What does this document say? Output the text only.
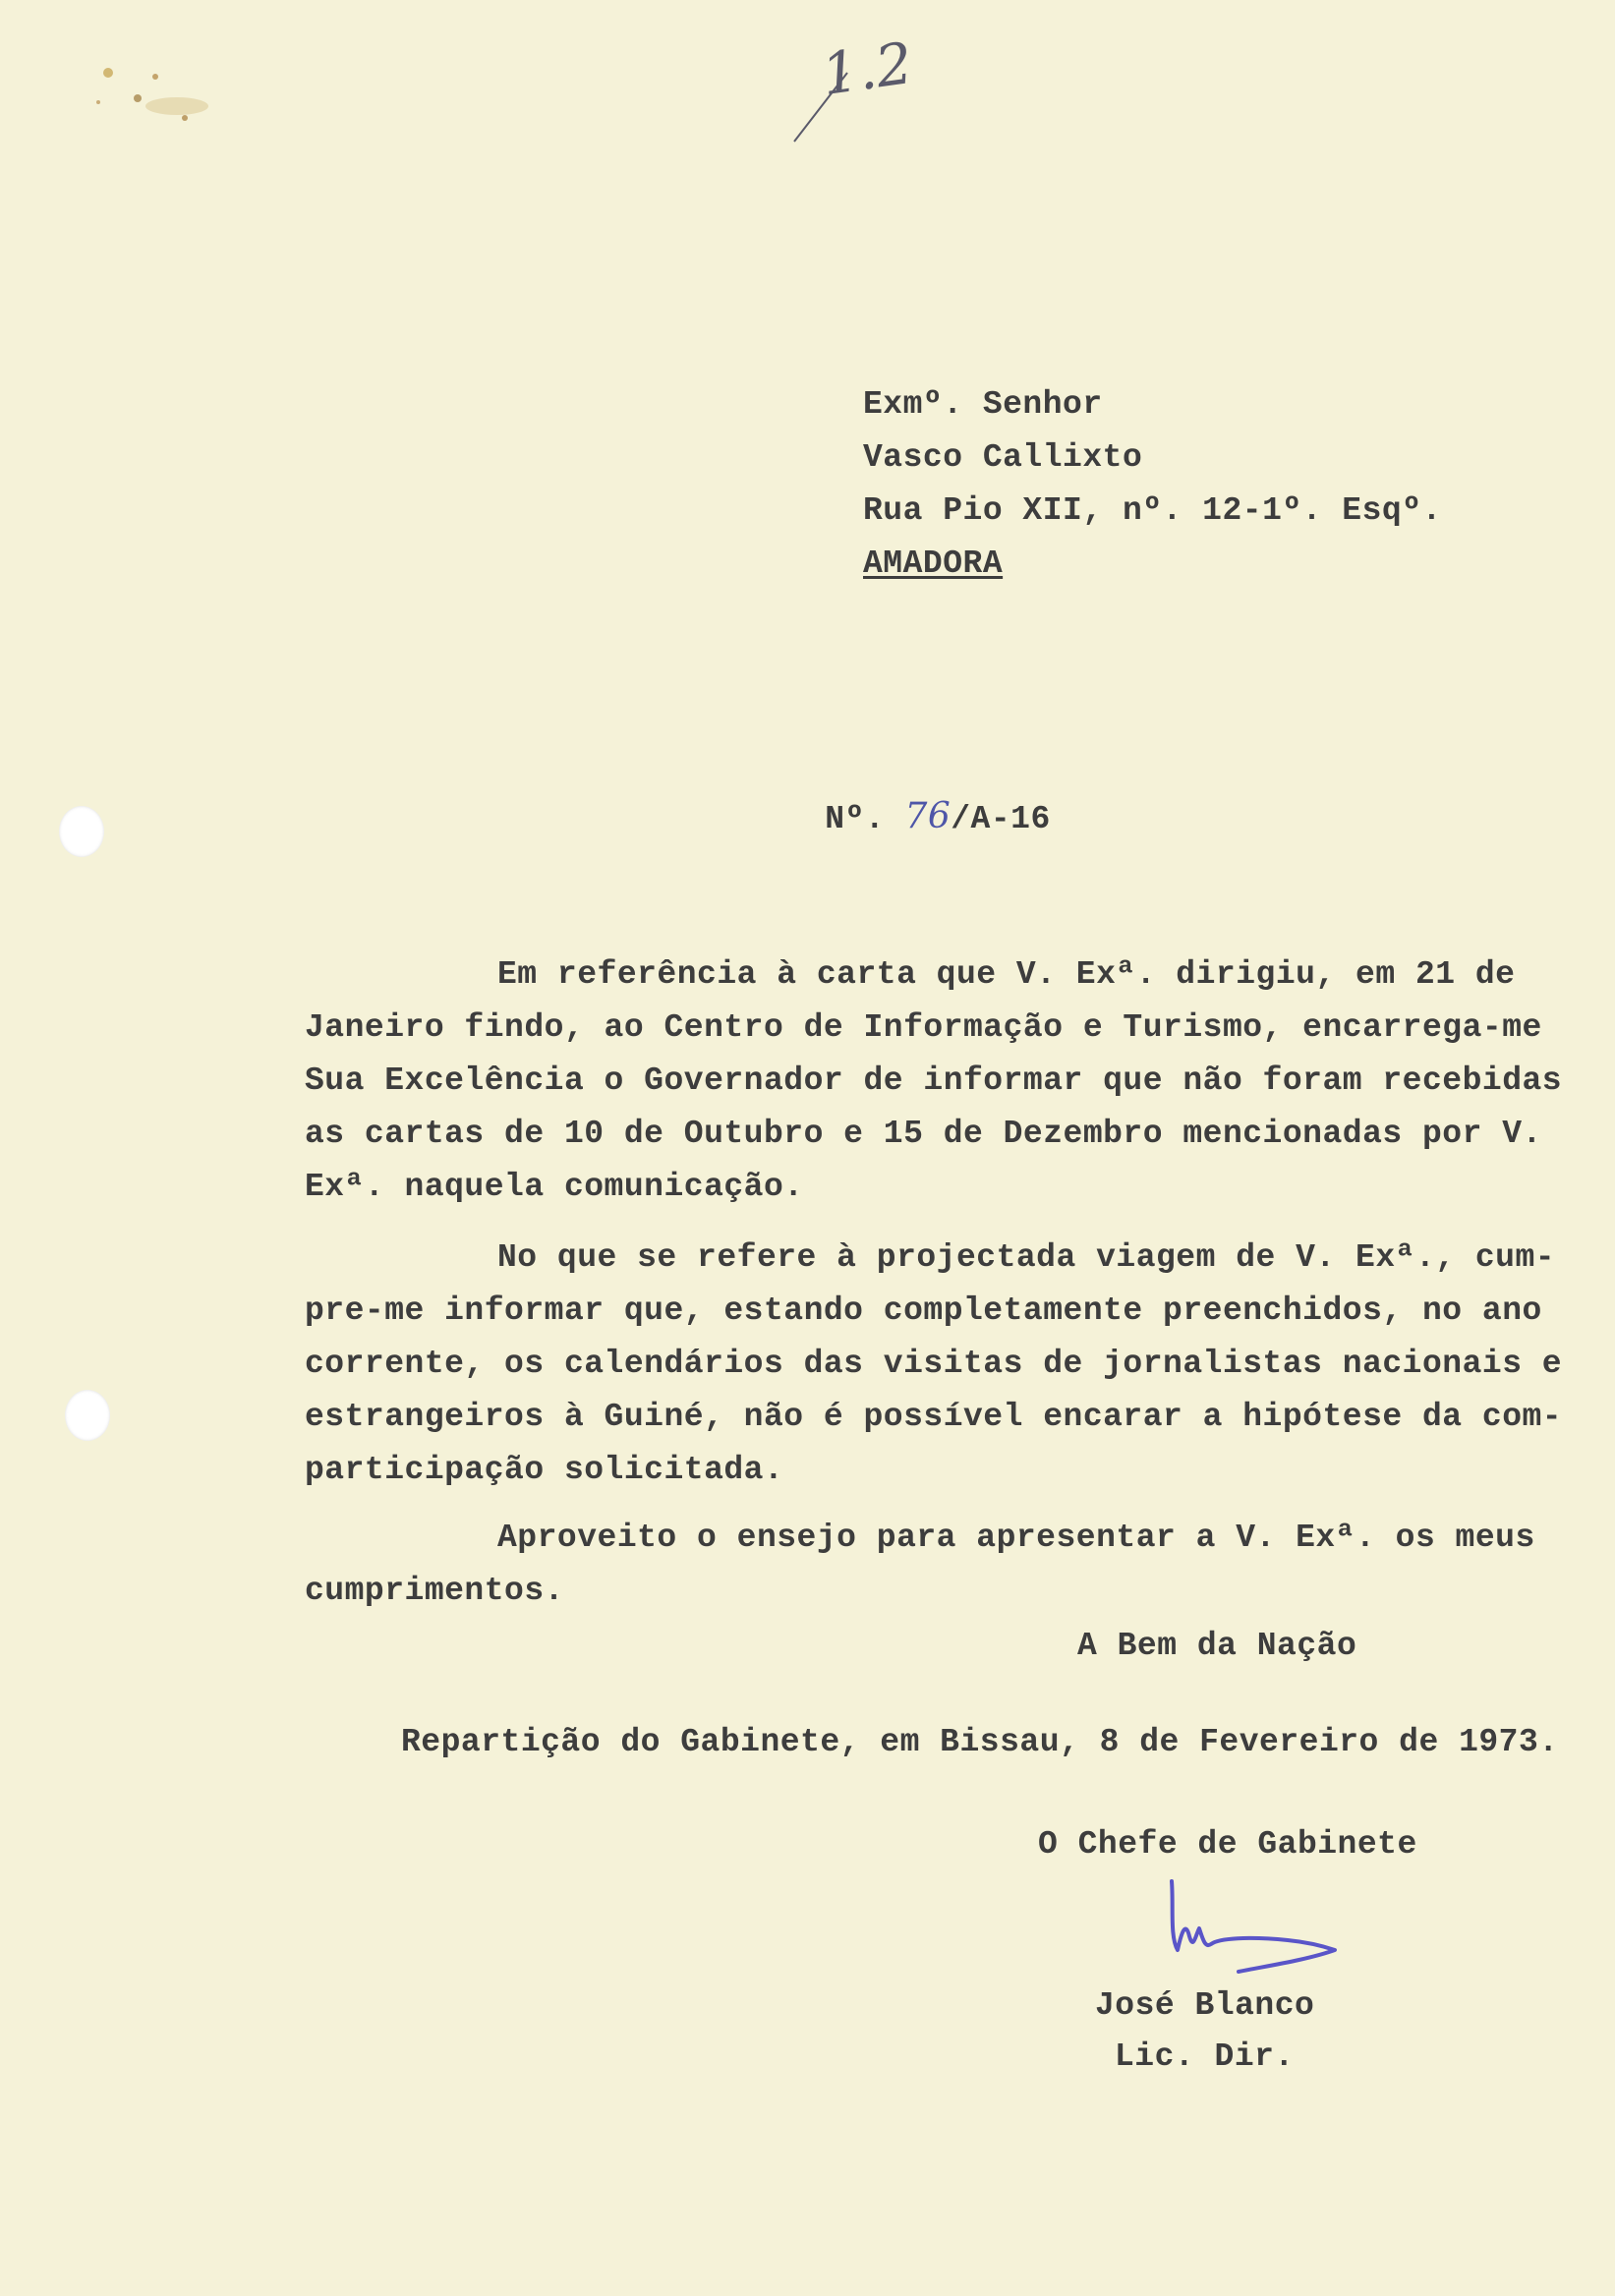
1.2
Exmº. Senhor
Vasco Callixto
Rua Pio XII, nº. 12-1º. Esqº.
AMADORA

Nº. 76/A-16

Em referência à carta que V. Exª. dirigiu, em 21 de
Janeiro findo, ao Centro de Informação e Turismo, encarrega-me
Sua Excelência o Governador de informar que não foram recebidas
as cartas de 10 de Outubro e 15 de Dezembro mencionadas por V.
Exª. naquela comunicação.
No que se refere à projectada viagem de V. Exª., cum-
pre-me informar que, estando completamente preenchidos, no ano
corrente, os calendários das visitas de jornalistas nacionais e
estrangeiros à Guiné, não é possível encarar a hipótese da com-
participação solicitada.
Aproveito o ensejo para apresentar a V. Exª. os meus
cumprimentos.
A Bem da Nação
Repartição do Gabinete, em Bissau, 8 de Fevereiro de 1973.
O Chefe de Gabinete
José Blanco
Lic. Dir.
